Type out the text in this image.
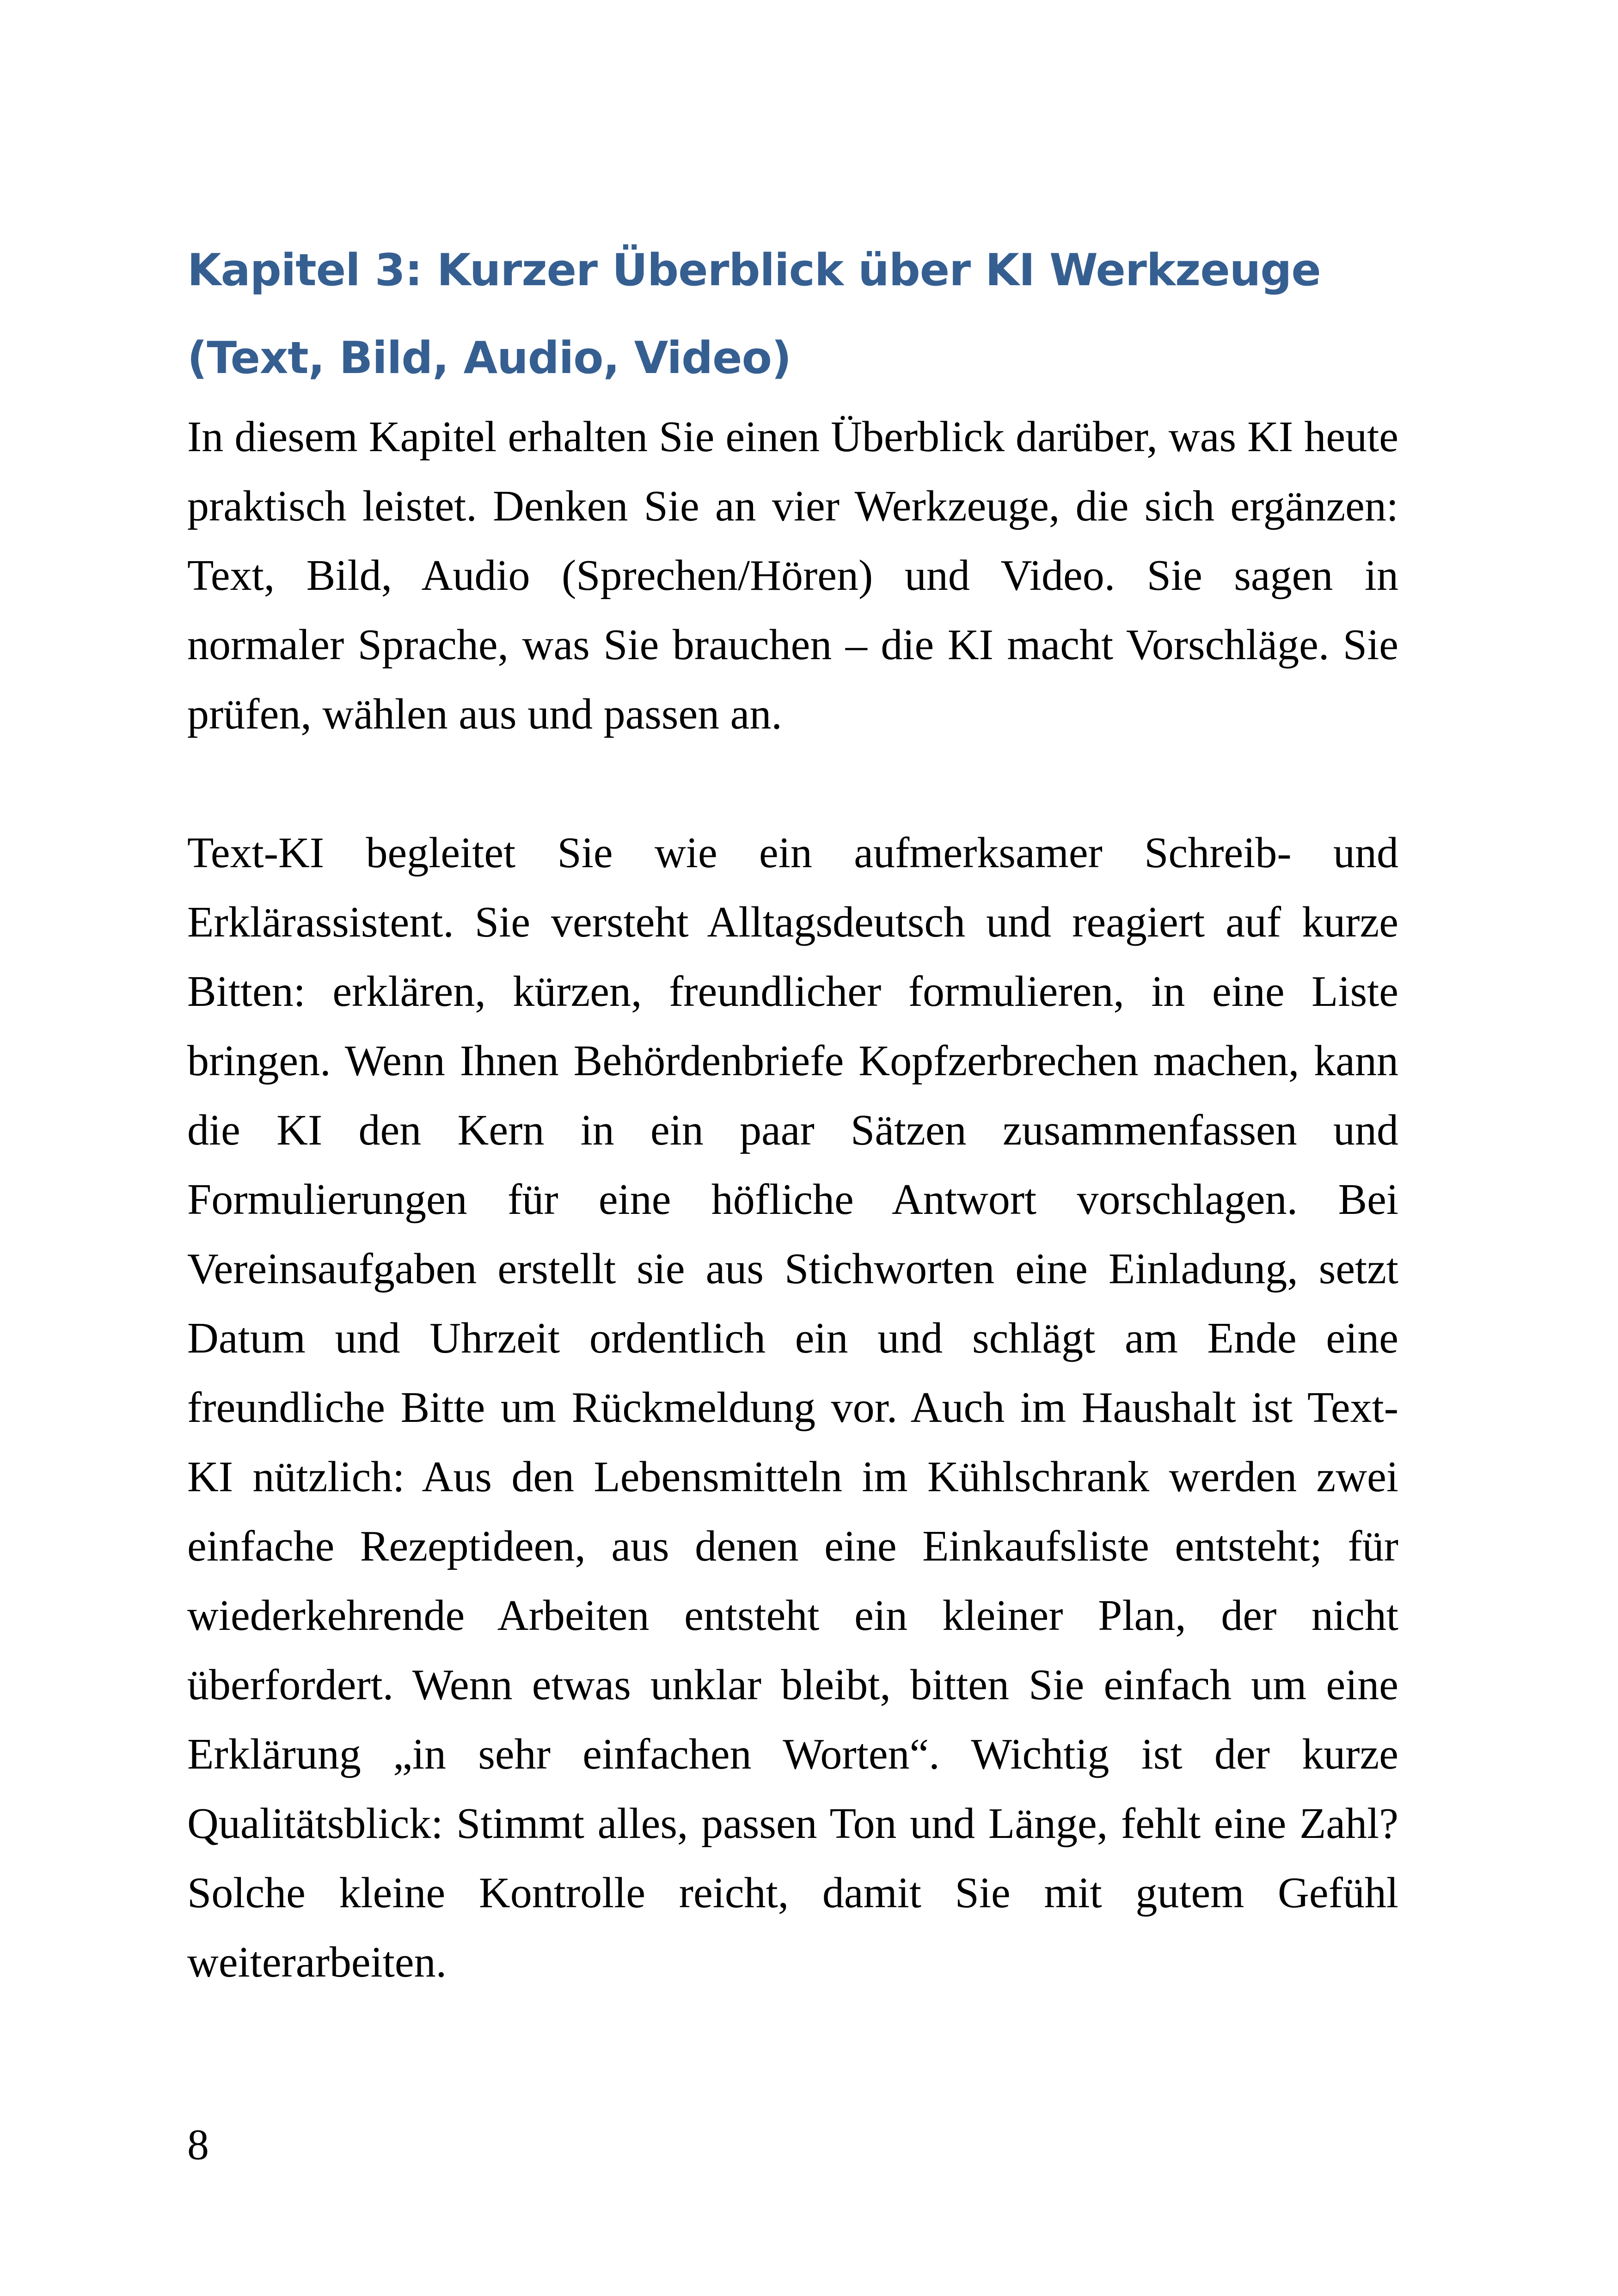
Kapitel 3: Kurzer Überblick über KI Werkzeuge (Text, Bild, Audio, Video)

In diesem Kapitel erhalten Sie einen Überblick darüber, was KI heute praktisch leistet. Denken Sie an vier Werkzeuge, die sich ergänzen: Text, Bild, Audio (Sprechen/Hören) und Video. Sie sagen in normaler Sprache, was Sie brauchen – die KI macht Vorschläge. Sie prüfen, wählen aus und passen an.

Text-KI begleitet Sie wie ein aufmerksamer Schreib- und Erklärassistent. Sie versteht Alltagsdeutsch und reagiert auf kurze Bitten: erklären, kürzen, freundlicher formulieren, in eine Liste bringen. Wenn Ihnen Behördenbriefe Kopfzerbrechen machen, kann die KI den Kern in ein paar Sätzen zusammenfassen und Formulierungen für eine höfliche Antwort vorschlagen. Bei Vereinsaufgaben erstellt sie aus Stichworten eine Einladung, setzt Datum und Uhrzeit ordentlich ein und schlägt am Ende eine freundliche Bitte um Rückmeldung vor. Auch im Haushalt ist Text-KI nützlich: Aus den Lebensmitteln im Kühlschrank werden zwei einfache Rezeptideen, aus denen eine Einkaufsliste entsteht; für wiederkehrende Arbeiten entsteht ein kleiner Plan, der nicht überfordert. Wenn etwas unklar bleibt, bitten Sie einfach um eine Erklärung „in sehr einfachen Worten“. Wichtig ist der kurze Qualitätsblick: Stimmt alles, passen Ton und Länge, fehlt eine Zahl? Solche kleine Kontrolle reicht, damit Sie mit gutem Gefühl weiterarbeiten.

8
